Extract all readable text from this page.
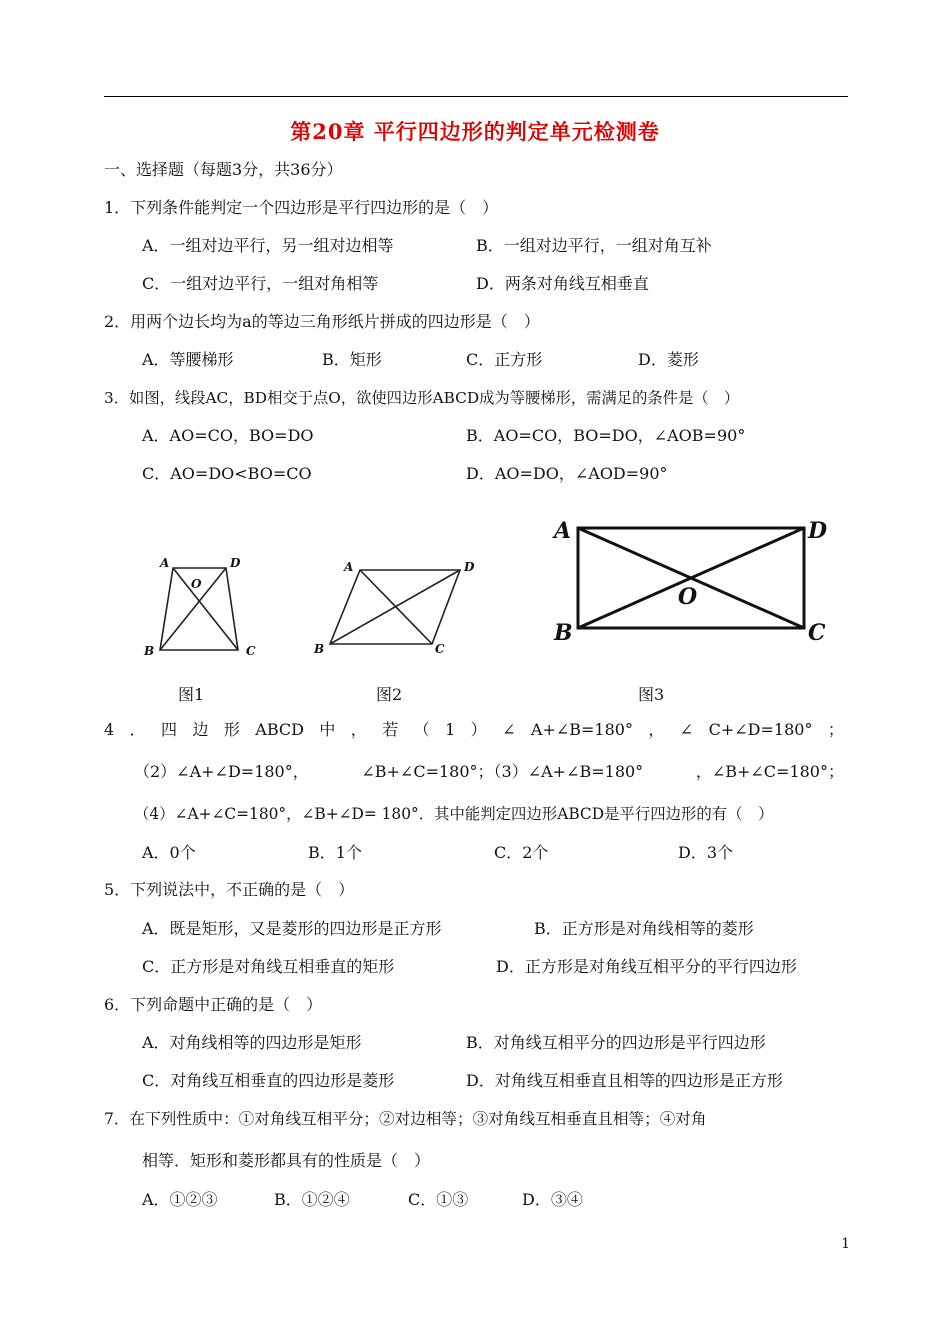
第20章 平行四边形的判定单元检测卷
一、选择题（每题3分，共36分）
1．下列条件能判定一个四边形是平行四边形的是（　）
A．一组对边平行，另一组对边相等	B．一组对边平行，一组对角互补
C．一组对边平行，一组对角相等	D．两条对角线互相垂直
2．用两个边长均为a的等边三角形纸片拼成的四边形是（　）
A．等腰梯形	B．矩形	C．正方形	D．菱形
3．如图，线段AC，BD相交于点O，欲使四边形ABCD成为等腰梯形，需满足的条件是（　）
A．AO=CO，BO=DO	B．AO=CO，BO=DO，∠AOB=90°
C．AO=DO<BO=CO	D．AO=DO，∠AOD=90°
A	D
O
B	C
A	D
B	C
A	D
O
B	C
图1	图2	图3
4 ． 四 边 形 ABCD 中 ， 若 （ 1 ） ∠ A+∠B=180° ， ∠ C+∠D=180° ；
（2）∠A+∠D=180°，	∠B+∠C=180°；（3）∠A+∠B=180°	，∠B+∠C=180°；
（4）∠A+∠C=180°，∠B+∠D= 180°．其中能判定四边形ABCD是平行四边形的有（　）
A．0个	B．1个	C．2个	D．3个
5．下列说法中，不正确的是（　）
A．既是矩形，又是菱形的四边形是正方形	B．正方形是对角线相等的菱形
C．正方形是对角线互相垂直的矩形	D．正方形是对角线互相平分的平行四边形
6．下列命题中正确的是（　）
A．对角线相等的四边形是矩形	B．对角线互相平分的四边形是平行四边形
C．对角线互相垂直的四边形是菱形	D．对角线互相垂直且相等的四边形是正方形
7．在下列性质中：①对角线互相平分；②对边相等；③对角线互相垂直且相等；④对角
相等．矩形和菱形都具有的性质是（　）
A．①②③	B．①②④	C．①③	D．③④
1
